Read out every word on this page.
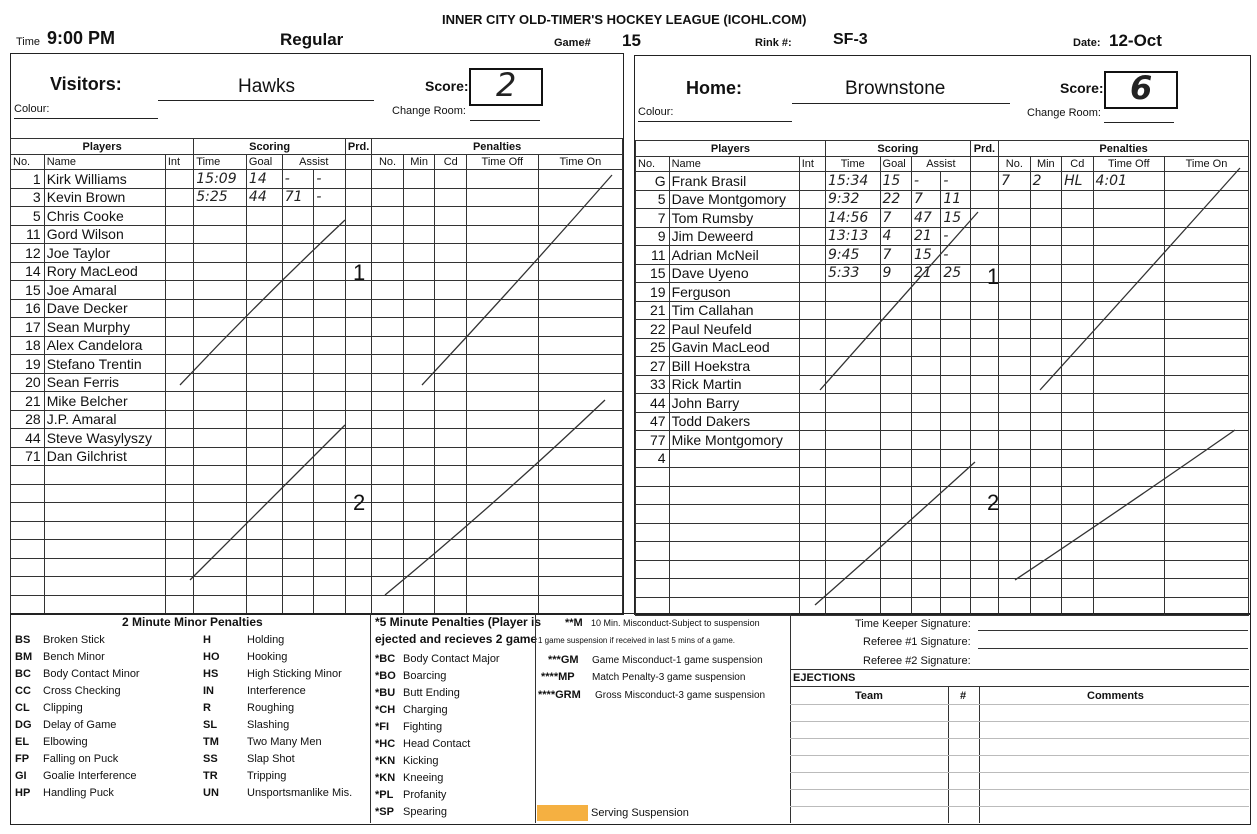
INNER CITY OLD-TIMER'S HOCKEY LEAGUE (ICOHL.COM)
Time 9:00 PM	Regular	Game# 15	Rink #:	SF-3	Date: 12-Oct
Visitors:	Hawks
Colour:
Score: 2
Change Room:
Players			Scoring				Prd.	Penalties				
No.	Name	Int	Time	Goal	Assist			No.	Min	Cd	Time Off	Time On
1	Kirk Williams		15:09	14	-	-						
3	Kevin Brown		5:25	44	71	-						
5	Chris Cooke											
11	Gord Wilson											
12	Joe Taylor											
14	Rory MacLeod											
15	Joe Amaral											
16	Dave Decker											
17	Sean Murphy											
18	Alex Candelora											
19	Stefano Trentin											
20	Sean Ferris											
21	Mike Belcher											
28	J.P. Amaral											
44	Steve Wasylyszy											
71	Dan Gilchrist											

1
2
Home:	Brownstone
Colour:
Score: 6
Change Room:
Players			Scoring				Prd.	Penalties				
No.	Name	Int	Time	Goal	Assist			No.	Min	Cd	Time Off	Time On
G	Frank Brasil		15:34	15	-	-		7	2	HL	4:01	
5	Dave Montgomory		9:32	22	7	11						
7	Tom Rumsby		14:56	7	47	15						
9	Jim Deweerd		13:13	4	21	-						
11	Adrian McNeil		9:45	7	15	-						
15	Dave Uyeno		5:33	9	21	25						
19	Ferguson											
21	Tim Callahan											
22	Paul Neufeld											
25	Gavin MacLeod											
27	Bill Hoekstra											
33	Rick Martin											
44	John Barry											
47	Todd Dakers											
77	Mike Montgomory											
4												

1
2
2 Minute Minor Penalties
BS	Broken Stick
BM	Bench Minor
BC	Body Contact Minor
CC	Cross Checking
CL	Clipping
DG	Delay of Game
EL	Elbowing
FP	Falling on Puck
GI	Goalie Interference
HP	Handling Puck
H	Holding
HO	Hooking
HS	High Sticking Minor
IN	Interference
R	Roughing
SL	Slashing
TM	Two Many Men
SS	Slap Shot
TR	Tripping
UN	Unsportsmanlike Mis.
*5 Minute Penalties (Player is
ejected and recieves 2 game
*BC	Body Contact Major
*BO	Boarcing
*BU	Butt Ending
*CH	Charging
*FI	Fighting
*HC	Head Contact
*KN	Kicking
*KN	Kneeing
*PL	Profanity
*SP	Spearing
**M 10 Min. Misconduct-Subject to suspension
1 game suspension if received in last 5 mins of a game.
***GM Game Misconduct-1 game suspension
****MP Match Penalty-3 game suspension
****GRM Gross Misconduct-3 game suspension
Serving Suspension
Time Keeper Signature:
Referee #1 Signature:
Referee #2 Signature:
EJECTIONS
Team	#	Comments
